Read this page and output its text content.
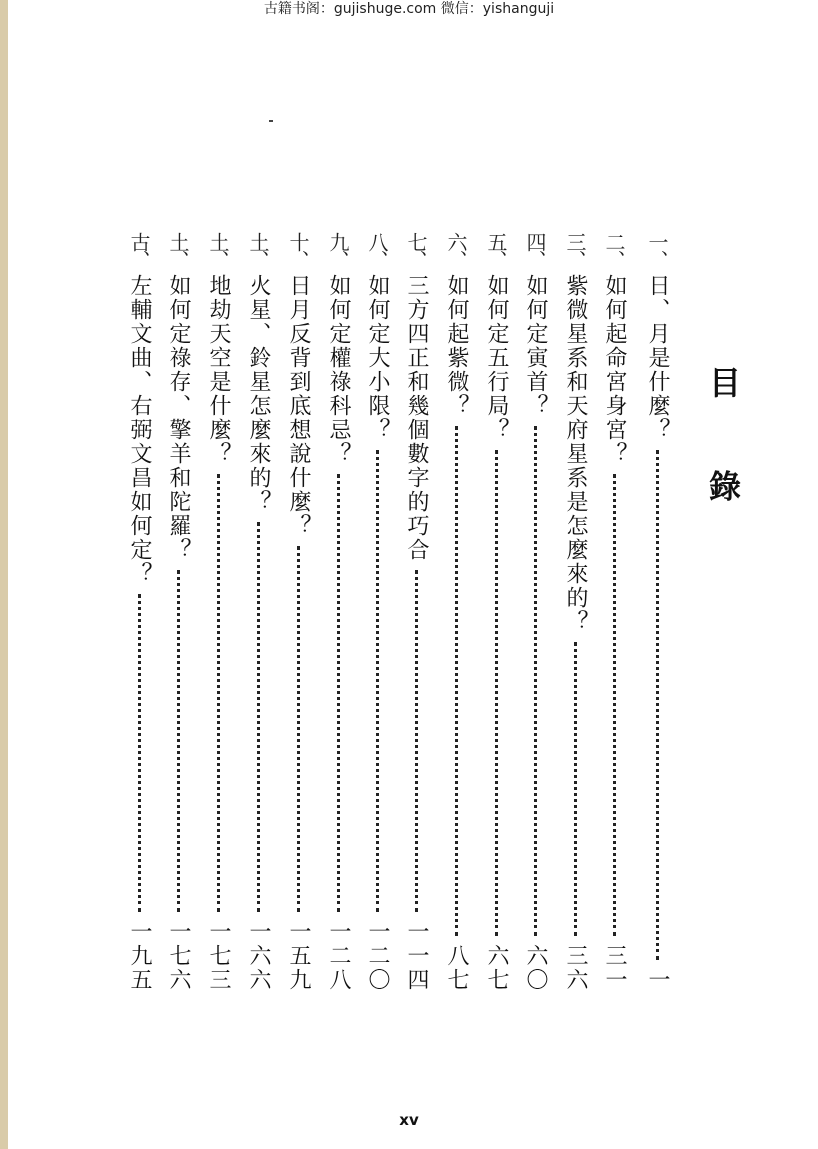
古籍书阁：gujishuge.com 微信：yishanguji
目 錄
一、
日、月是什麼？
一
二、
如何起命宮身宮？
三一
三、
紫微星系和天府星系是怎麼來的？
三六
四、
如何定寅首？
六〇
五、
如何定五行局？
六七
六、
如何起紫微？
八七
七、
三方四正和幾個數字的巧合
一一四
八、
如何定大小限？
一二〇
九、
如何定權祿科忌？
一二八
十、
日月反背到底想說什麼？
一五九
土、
火星、鈴星怎麼來的？
一六六
土、
地劫天空是什麼？
一七三
土、
如何定祿存、擎羊和陀羅？
一七六
古、
左輔文曲、右弼文昌如何定？
一九五
xv
